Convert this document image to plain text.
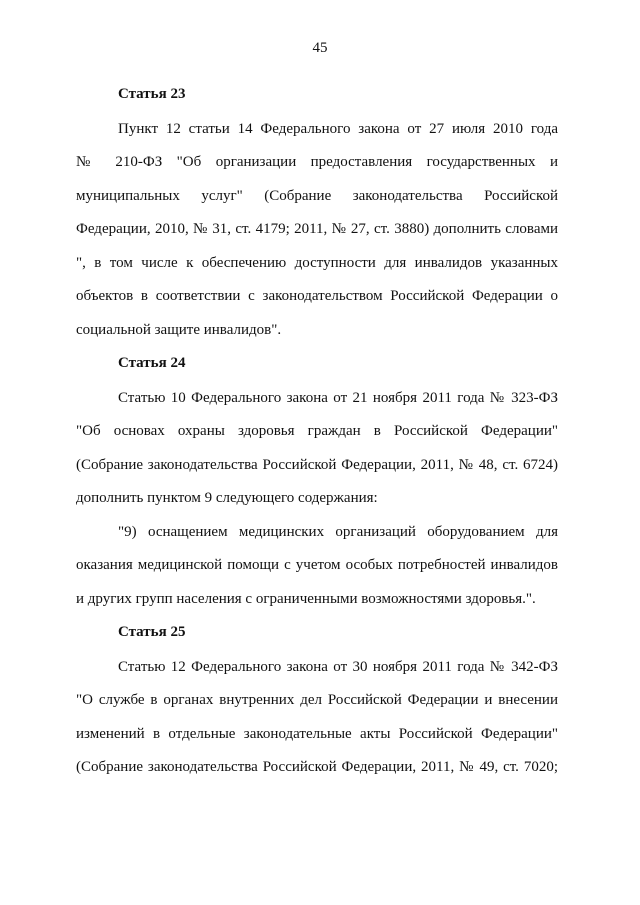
45
Статья 23
Пункт 12 статьи 14 Федерального закона от 27 июля 2010 года
№ 210-ФЗ "Об организации предоставления государственных и
муниципальных услуг" (Собрание законодательства Российской
Федерации, 2010, № 31, ст. 4179; 2011, № 27, ст. 3880) дополнить словами
", в том числе к обеспечению доступности для инвалидов указанных
объектов в соответствии с законодательством Российской Федерации о
социальной защите инвалидов".
Статья 24
Статью 10 Федерального закона от 21 ноября 2011 года № 323-ФЗ
"Об основах охраны здоровья граждан в Российской Федерации"
(Собрание законодательства Российской Федерации, 2011, № 48, ст. 6724)
дополнить пунктом 9 следующего содержания:
"9) оснащением медицинских организаций оборудованием для
оказания медицинской помощи с учетом особых потребностей инвалидов
и других групп населения с ограниченными возможностями здоровья.".
Статья 25
Статью 12 Федерального закона от 30 ноября 2011 года № 342-ФЗ
"О службе в органах внутренних дел Российской Федерации и внесении
изменений в отдельные законодательные акты Российской Федерации"
(Собрание законодательства Российской Федерации, 2011, № 49, ст. 7020;
